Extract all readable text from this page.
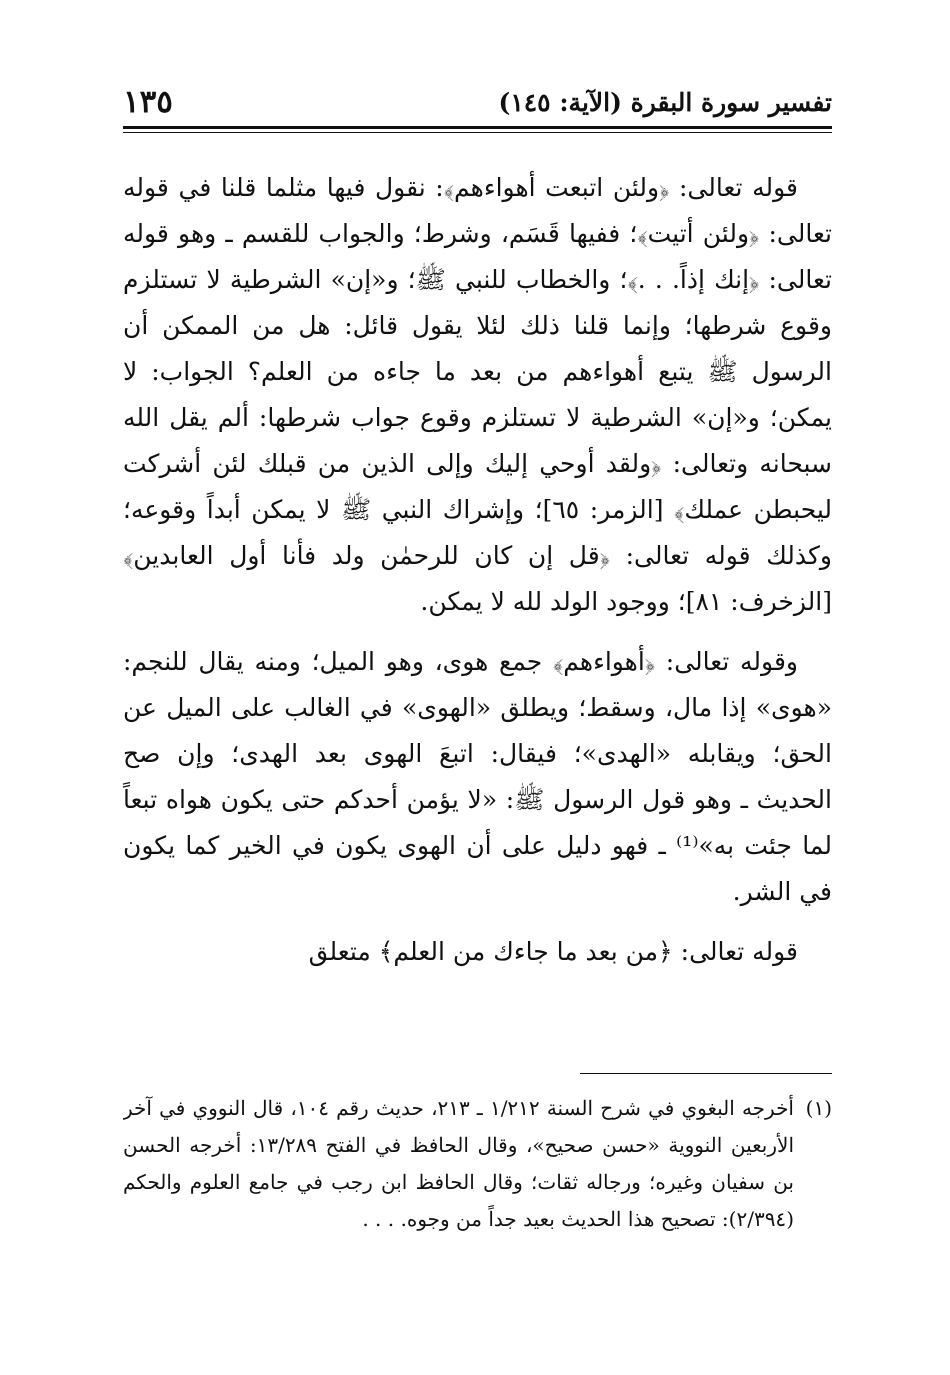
تفسير سورة البقرة (الآية: ١٤٥)
١٣٥

قوله تعالى: ﴿ولئن اتبعت أهواءهم﴾: نقول فيها مثلما قلنا في قوله تعالى: ﴿ولئن أتيت﴾؛ ففيها قَسَم، وشرط؛ والجواب للقسم ـ وهو قوله تعالى: ﴿إنك إذاً. . .﴾؛ والخطاب للنبي ﷺ؛ و«إن» الشرطية لا تستلزم وقوع شرطها؛ وإنما قلنا ذلك لئلا يقول قائل: هل من الممكن أن الرسول ﷺ يتبع أهواءهم من بعد ما جاءه من العلم؟ الجواب: لا يمكن؛ و«إن» الشرطية لا تستلزم وقوع جواب شرطها: ألم يقل الله سبحانه وتعالى: ﴿ولقد أوحي إليك وإلى الذين من قبلك لئن أشركت ليحبطن عملك﴾ [الزمر: ٦٥]؛ وإشراك النبي ﷺ لا يمكن أبداً وقوعه؛ وكذلك قوله تعالى: ﴿قل إن كان للرحمٰن ولد فأنا أول العابدين﴾ [الزخرف: ٨١]؛ ووجود الولد لله لا يمكن.

وقوله تعالى: ﴿أهواءهم﴾ جمع هوى، وهو الميل؛ ومنه يقال للنجم: «هوى» إذا مال، وسقط؛ ويطلق «الهوى» في الغالب على الميل عن الحق؛ ويقابله «الهدى»؛ فيقال: اتبعَ الهوى بعد الهدى؛ وإن صح الحديث ـ وهو قول الرسول ﷺ: «لا يؤمن أحدكم حتى يكون هواه تبعاً لما جئت به»⁽¹⁾ ـ فهو دليل على أن الهوى يكون في الخير كما يكون في الشر.

قوله تعالى: ﴿من بعد ما جاءك من العلم﴾ متعلق

(١)
أخرجه البغوي في شرح السنة ١/٢١٢ ـ ٢١٣، حديث رقم ١٠٤، قال النووي في آخر الأربعين النووية «حسن صحيح»، وقال الحافظ في الفتح ١٣/٢٨٩: أخرجه الحسن بن سفيان وغيره؛ ورجاله ثقات؛ وقال الحافظ ابن رجب في جامع العلوم والحكم (٢/٣٩٤): تصحيح هذا الحديث بعيد جداً من وجوه. . . .
